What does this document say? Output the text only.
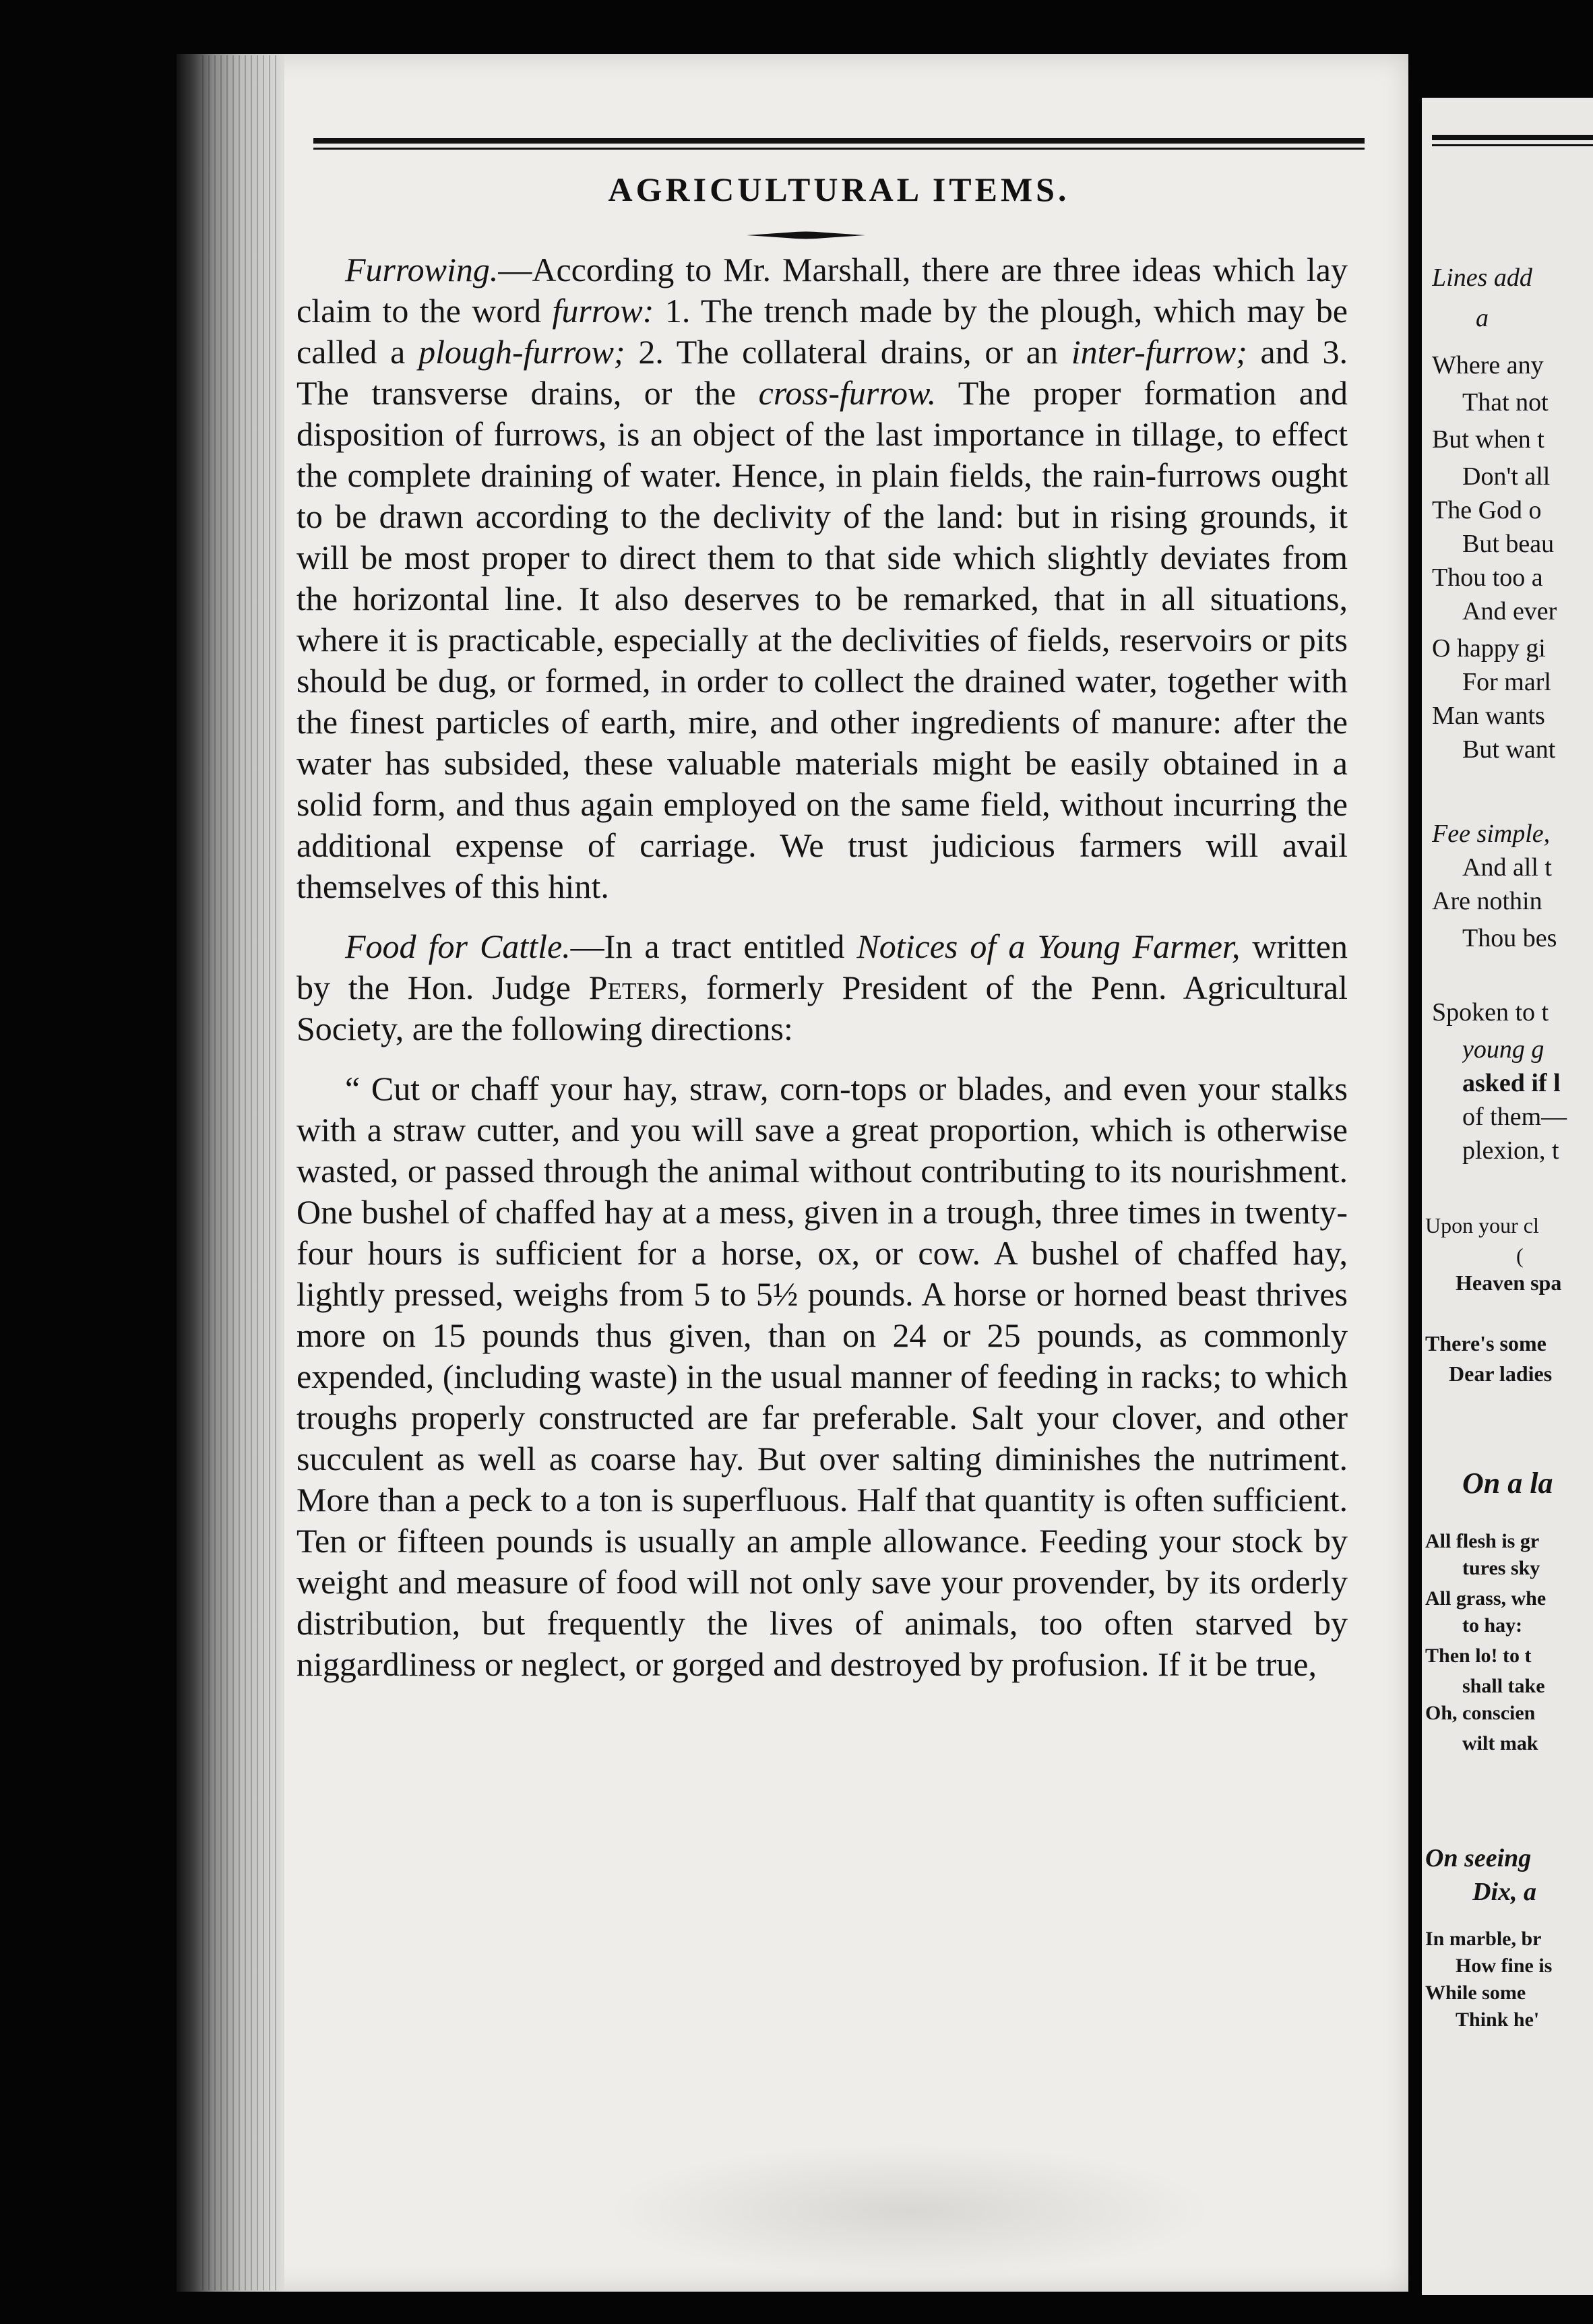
AGRICULTURAL ITEMS.

Furrowing.—According to Mr. Marshall, there are three ideas which lay claim to the word furrow: 1. The trench made by the plough, which may be called a plough-furrow; 2. The collateral drains, or an inter-furrow; and 3. The transverse drains, or the cross-furrow. The proper formation and disposition of furrows, is an object of the last importance in tillage, to effect the complete draining of water. Hence, in plain fields, the rain-furrows ought to be drawn according to the declivity of the land: but in rising grounds, it will be most proper to direct them to that side which slightly deviates from the horizontal line. It also deserves to be remarked, that in all situations, where it is practicable, especially at the declivities of fields, reservoirs or pits should be dug, or formed, in order to collect the drained water, together with the finest particles of earth, mire, and other ingredients of manure: after the water has subsided, these valuable materials might be easily obtained in a solid form, and thus again employed on the same field, without incurring the additional expense of carriage. We trust judicious farmers will avail themselves of this hint.

Food for Cattle.—In a tract entitled Notices of a Young Farmer, written by the Hon. Judge Peters, formerly President of the Penn. Agricultural Society, are the following directions:

“ Cut or chaff your hay, straw, corn-tops or blades, and even your stalks with a straw cutter, and you will save a great proportion, which is otherwise wasted, or passed through the animal without contributing to its nourishment. One bushel of chaffed hay at a mess, given in a trough, three times in twenty-four hours is sufficient for a horse, ox, or cow. A bushel of chaffed hay, lightly pressed, weighs from 5 to 5½ pounds. A horse or horned beast thrives more on 15 pounds thus given, than on 24 or 25 pounds, as commonly expended, (including waste) in the usual manner of feeding in racks; to which troughs properly constructed are far preferable. Salt your clover, and other succulent as well as coarse hay. But over salting diminishes the nutriment. More than a peck to a ton is superfluous. Half that quantity is often sufficient. Ten or fifteen pounds is usually an ample allowance. Feeding your stock by weight and measure of food will not only save your provender, by its orderly distribution, but frequently the lives of animals, too often starved by niggardliness or neglect, or gorged and destroyed by profusion. If it be true,

Lines add
a
Where any
That not
But when t
Don't all
The God o
But beau
Thou too a
And ever
O happy gi
For marl
Man wants
But want
Fee simple,
And all t
Are nothin
Thou bes
Spoken to t
young g
asked if l
of them—
plexion, t
Upon your cl
(
Heaven spa
There's some
Dear ladies
On a la
All flesh is gr
tures sky
All grass, whe
to hay:
Then lo! to t
shall take
Oh, conscien
wilt mak
On seeing
Dix, a
In marble, br
How fine is
While some
Think he'
